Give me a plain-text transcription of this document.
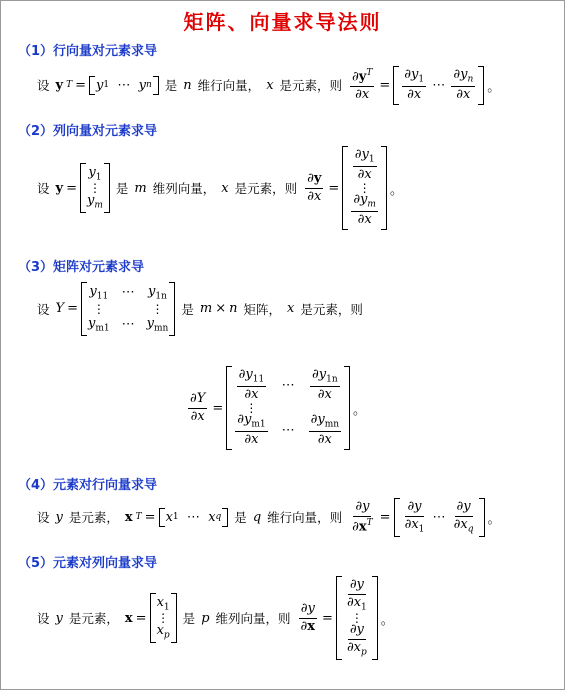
矩阵、向量求导法则
（1）行向量对元素求导
设 y T = y 1
⋯
y n 是 n 维行向量， x 是元素，则 $\frac{\partial y^T}{\partial x} = \frac{\partial y_1}{\partial x}$
⋯
$\frac{\partial y_n}{\partial x}$ 。
（2）列向量对元素求导
设 y =
$y_1$
⋮
$y_m$
是 m 维列向量， x 是元素，则 $\frac{\partial y}{\partial x}$ =
$\frac{\partial y_1}{\partial x}$
⋮
$\frac{\partial y_m}{\partial x}$
。
（3）矩阵对元素求导
设 Y =
$y_{11}$ ⋯ $y_{1n}$
⋮	⋮
$y_{m1}$ ⋯ $y_{mn}$
是 m × n 矩阵， x 是元素，则
$\frac{\partial Y}{\partial x}$ =
$\frac{\partial y_{11}}{\partial x}$ ⋯ $\frac{\partial y_{1n}}{\partial x}$
⋮
$\frac{\partial y_{m1}}{\partial x}$ ⋯ $\frac{\partial y_{mn}}{\partial x}$
。
（4）元素对行向量求导
设 y 是元素， x T = x 1
⋯
x q 是 q 维行向量，则 $\frac{\partial y}{\partial x^T} = \frac{\partial y}{\partial x_1}$
⋯
$\frac{\partial y}{\partial x_q}$ 。
（5）元素对列向量求导
设 y 是元素， x =
$x_1$
⋮
$x_p$
是 p 维列向量，则 $\frac{\partial y}{\partial x}$ =
$\frac{\partial y}{\partial x_1}$
⋮
$\frac{\partial y}{\partial x_p}$
。
